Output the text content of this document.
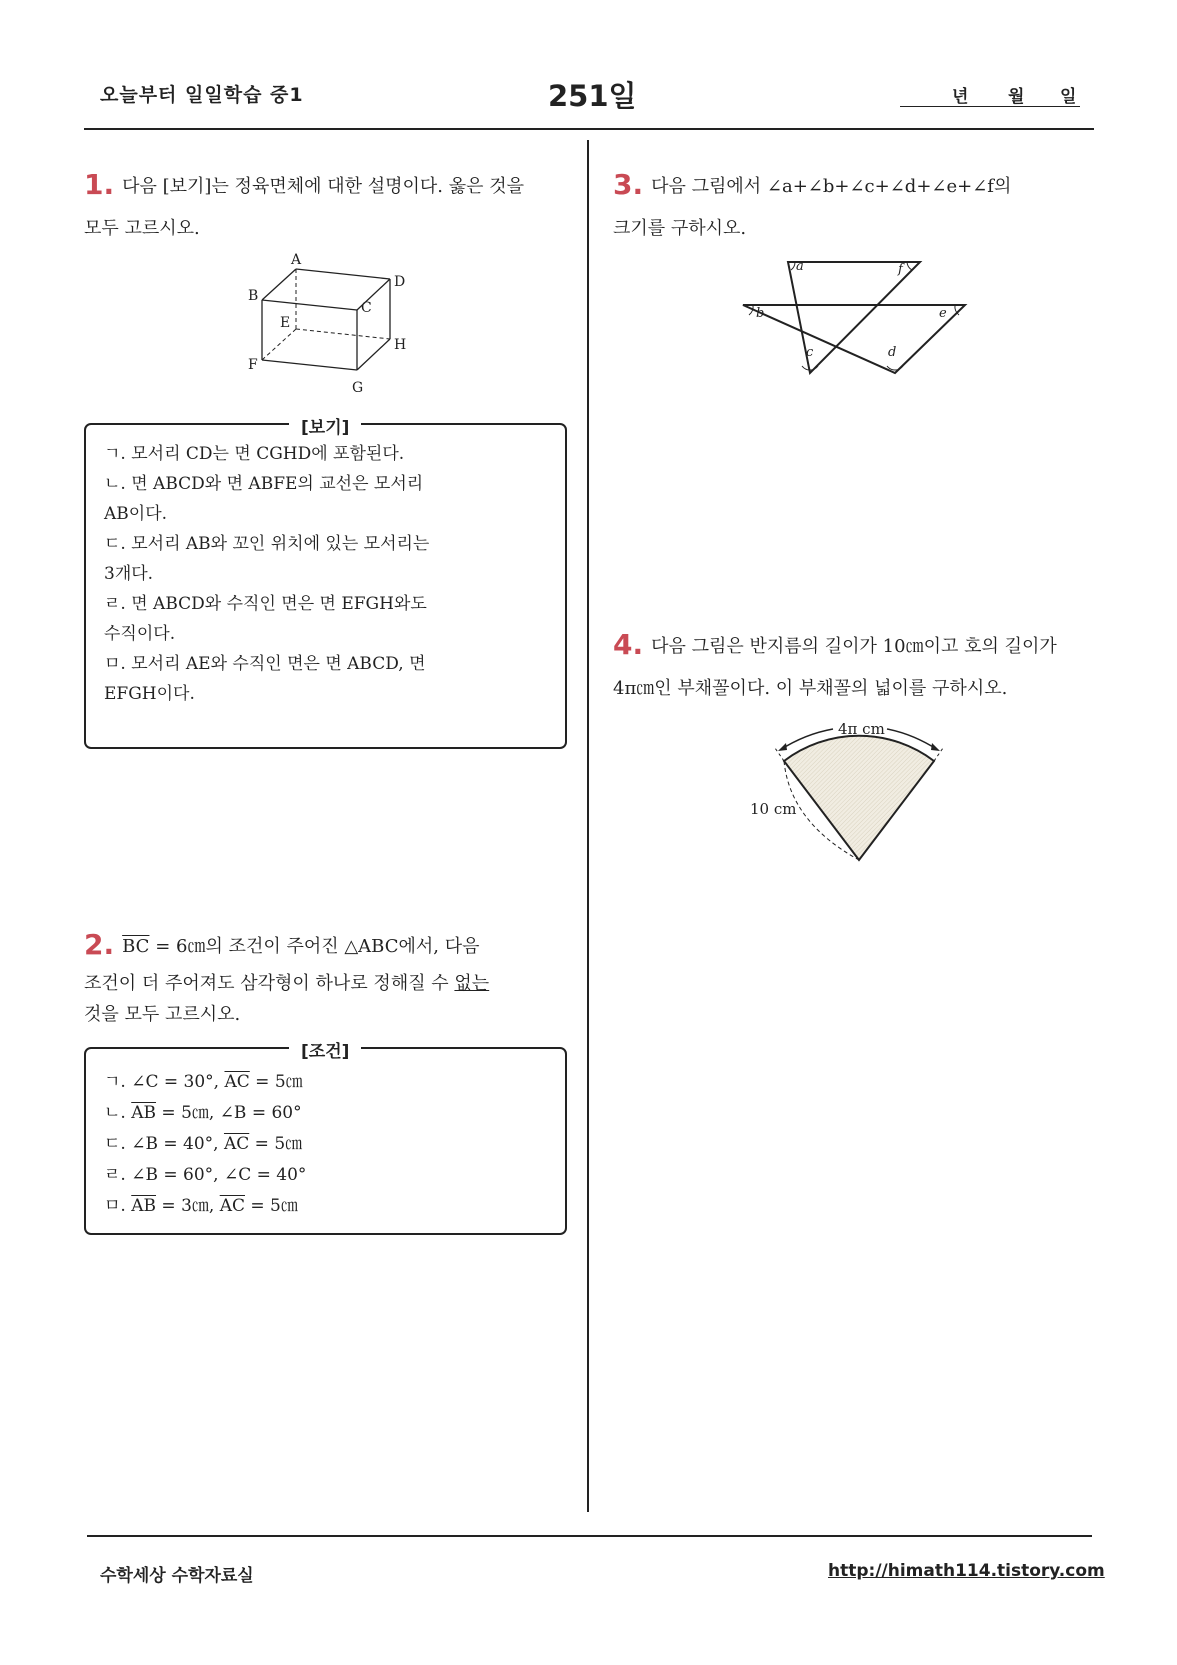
오늘부터 일일학습 중1	251일	년 월 일
1. 다음 [보기]는 정육면체에 대한 설명이다. 옳은 것을
모두 고르시오.
A
B
C
D
E
F
G
H
[보기]
ㄱ. 모서리 CD는 면 CGHD에 포함된다.
ㄴ. 면 ABCD와 면 ABFE의 교선은 모서리
AB이다.
ㄷ. 모서리 AB와 꼬인 위치에 있는 모서리는
3개다.
ㄹ. 면 ABCD와 수직인 면은 면 EFGH와도
수직이다.
ㅁ. 모서리 AE와 수직인 면은 면 ABCD, 면
EFGH이다.
2. $\overline{BC}$ = 6㎝의 조건이 주어진 △ABC에서, 다음
조건이 더 주어져도 삼각형이 하나로 정해질 수 없는
것을 모두 고르시오.
[조건]
ㄱ. ∠C = 30°, $\overline{AC}$ = 5㎝
ㄴ. $\overline{AB}$ = 5㎝, ∠B = 60°
ㄷ. ∠B = 40°, $\overline{AC}$ = 5㎝
ㄹ. ∠B = 60°, ∠C = 40°
ㅁ. $\overline{AB}$ = 3㎝, $\overline{AC}$ = 5㎝
3. 다음 그림에서 ∠a+∠b+∠c+∠d+∠e+∠f의
크기를 구하시오.
a	f
b	e
c	d
4. 다음 그림은 반지름의 길이가 10㎝이고 호의 길이가
4π㎝인 부채꼴이다. 이 부채꼴의 넓이를 구하시오.
4π cm
10 cm
수학세상 수학자료실	http://himath114.tistory.com
